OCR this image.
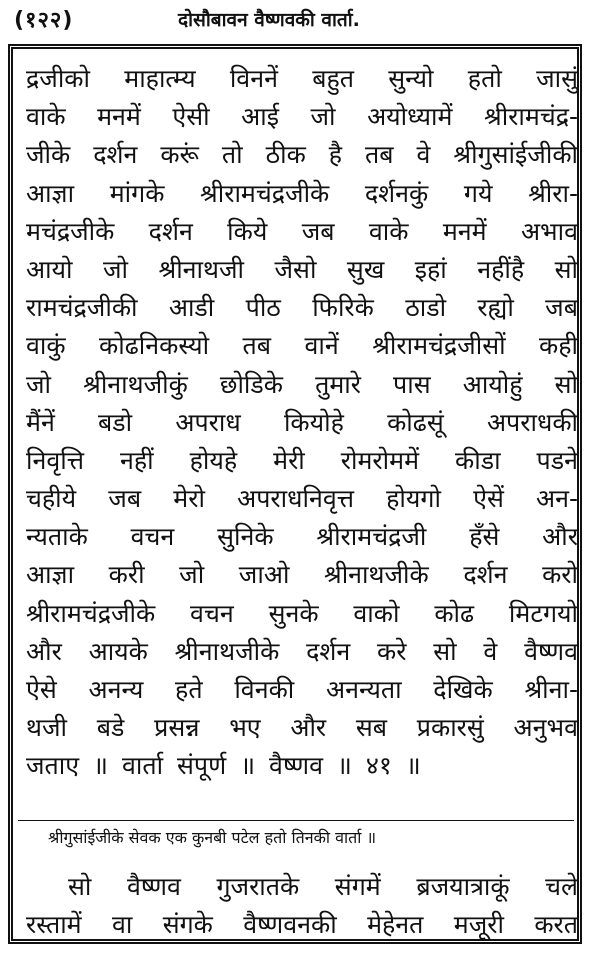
(१२२)	दोसौबावन वैष्णवकी वार्ता.
द्रजीको माहात्म्य विननें बहुत सुन्यो हतो जासुं
वाके मनमें ऐसी आई जो अयोध्यामें श्रीरामचंद्र-
जीके दर्शन करूं तो ठीक है तब वे श्रीगुसांईजीकी
आज्ञा मांगके श्रीरामचंद्रजीके दर्शनकुं गये श्रीरा-
मचंद्रजीके दर्शन किये जब वाके मनमें अभाव
आयो जो श्रीनाथजी जैसो सुख इहां नहींहै सो
रामचंद्रजीकी आडी पीठ फिरिके ठाडो रह्यो जब
वाकुं कोढनिकस्यो तब वानें श्रीरामचंद्रजीसों कही
जो श्रीनाथजीकुं छोडिके तुमारे पास आयोहुं सो
मैंनें बडो अपराध कियोहे कोढसूं अपराधकी
निवृत्ति नहीं होयहे मेरी रोमरोममें कीडा पडने
चहीये जब मेरो अपराधनिवृत्त होयगो ऐसें अन-
न्यताके वचन सुनिके श्रीरामचंद्रजी हँसे और
आज्ञा करी जो जाओ श्रीनाथजीके दर्शन करो
श्रीरामचंद्रजीके वचन सुनके वाको कोढ मिटगयो
और आयके श्रीनाथजीके दर्शन करे सो वे वैष्णव
ऐसे अनन्य हते विनकी अनन्यता देखिके श्रीना-
थजी बडे प्रसन्न भए और सब प्रकारसुं अनुभव
जताए ॥ वार्ता संपूर्ण ॥ वैष्णव ॥ ४१ ॥
श्रीगुसांईजीके सेवक एक कुनबी पटेल हतो तिनकी वार्ता ॥
सो वैष्णव गुजरातके संगमें ब्रजयात्राकूं चले
रस्तामें वा संगके वैष्णवनकी मेहेनत मजूरी करत
